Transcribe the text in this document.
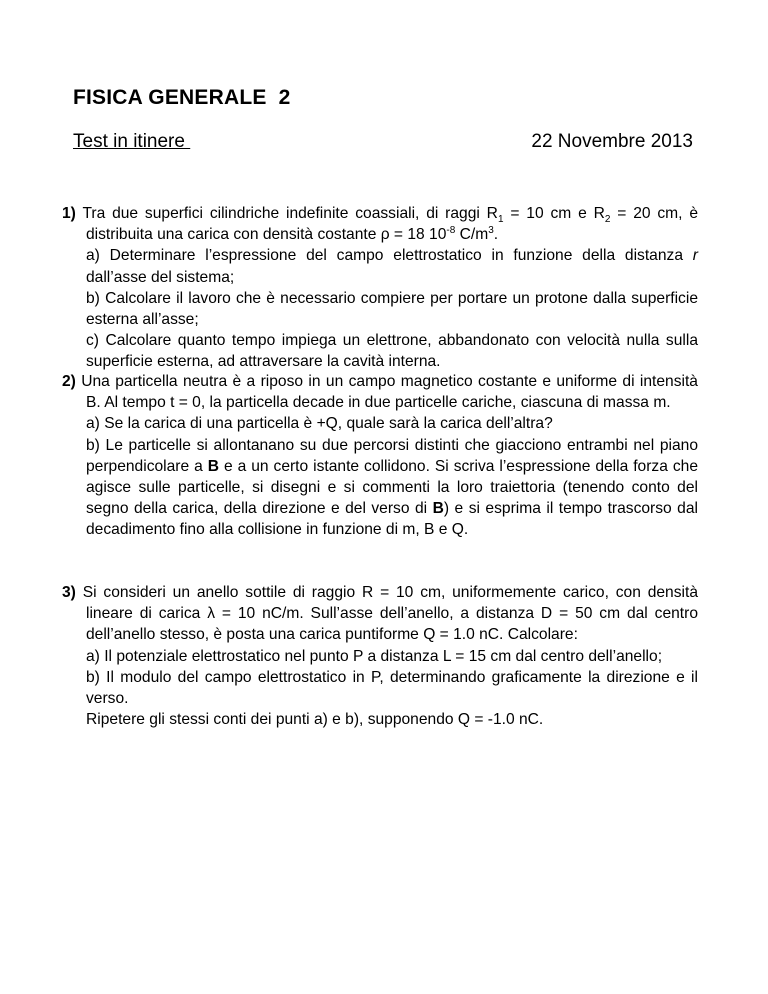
FISICA GENERALE  2
Test in itinere	22 Novembre 2013

1) Tra due superfici cilindriche indefinite coassiali, di raggi $R_1 = 10$ cm e $R_2 = 20$ cm, è distribuita una carica con densità costante ρ = 18 $10^{-8}$ $C/m^3$.

a) Determinare l’espressione del campo elettrostatico in funzione della distanza r dall’asse del sistema;

b) Calcolare il lavoro che è necessario compiere per portare un protone dalla superficie esterna all’asse;

c) Calcolare quanto tempo impiega un elettrone, abbandonato con velocità nulla sulla superficie esterna, ad attraversare la cavità interna.

2) Una particella neutra è a riposo in un campo magnetico costante e uniforme di intensità B. Al tempo t = 0, la particella decade in due particelle cariche, ciascuna di massa m.

a) Se la carica di una particella è +Q, quale sarà la carica dell’altra?

b) Le particelle si allontanano su due percorsi distinti che giacciono entrambi nel piano perpendicolare a B e a un certo istante collidono. Si scriva l’espressione della forza che agisce sulle particelle, si disegni e si commenti la loro traiettoria (tenendo conto del segno della carica, della direzione e del verso di B) e si esprima il tempo trascorso dal decadimento fino alla collisione in funzione di m, B e Q.

3) Si consideri un anello sottile di raggio R = 10 cm, uniformemente carico, con densità lineare di carica λ = 10 nC/m. Sull’asse dell’anello, a distanza D = 50 cm dal centro dell’anello stesso, è posta una carica puntiforme Q = 1.0 nC. Calcolare:

a) Il potenziale elettrostatico nel punto P a distanza L = 15 cm dal centro dell’anello;

b) Il modulo del campo elettrostatico in P, determinando graficamente la direzione e il verso.

Ripetere gli stessi conti dei punti a) e b), supponendo Q = -1.0 nC.
